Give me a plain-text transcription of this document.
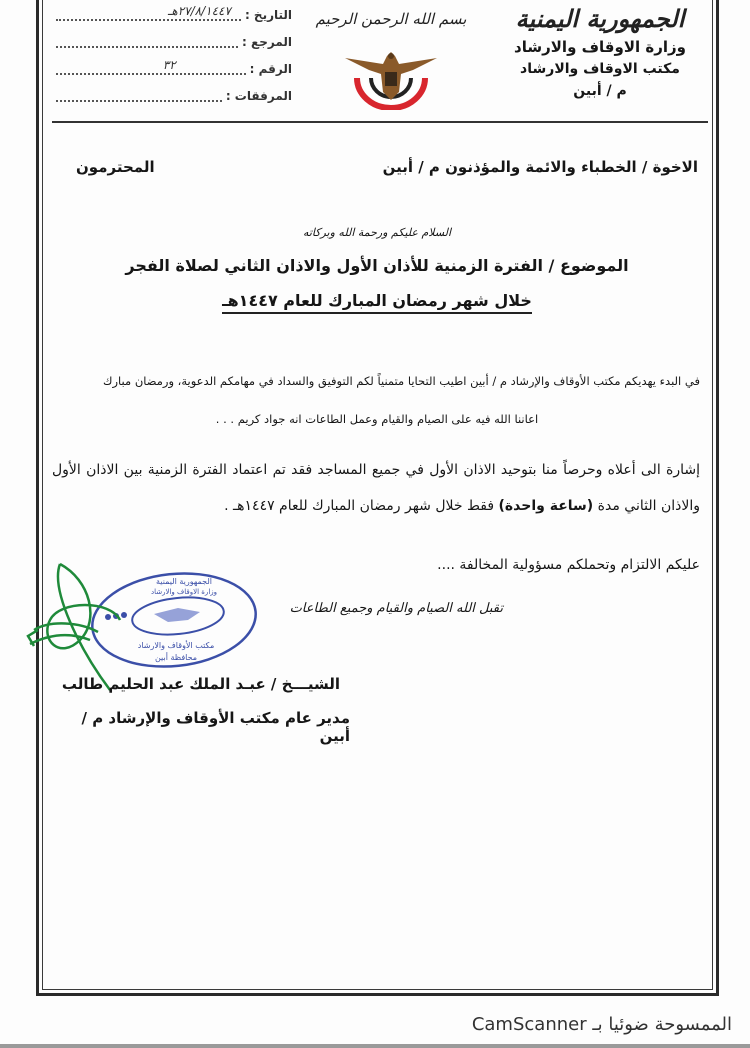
الجمهورية اليمنية
وزارة الاوقاف والارشاد
مكتب الاوقاف والارشاد
م / أبين
بسم الله الرحمن الرحيم
التاريخ :
٢٧/٨/١٤٤٧هـ
المرجع :
الرقم :
٣٢
المرفقات :
الاخوة / الخطباء والائمة والمؤذنون م / أبين
المحترمون
السلام عليكم ورحمة الله وبركاته
الموضوع / الفترة الزمنية للأذان الأول والاذان الثاني لصلاة الفجر
خلال شهر رمضان المبارك للعام ١٤٤٧هـ
في البدء يهديكم مكتب الأوقاف والإرشاد م / أبين اطيب التحايا متمنياً لكم التوفيق والسداد في مهامكم الدعوية، ورمضان مبارك
اعاننا الله فيه على الصيام والقيام وعمل الطاعات انه جواد كريم . . .
إشارة الى أعلاه وحرصاً منا بتوحيد الاذان الأول في جميع المساجد فقد تم اعتماد الفترة الزمنية بين الاذان الأول والاذان الثاني مدة (ساعة واحدة) فقط خلال شهر رمضان المبارك للعام ١٤٤٧هـ .
عليكم الالتزام وتحملكم مسؤولية المخالفة ....
تقبل الله الصيام والقيام وجميع الطاعات
الجمهورية اليمنية
وزارة الاوقاف والارشاد
مكتب الأوقاف والارشاد
محافظة أبين
الشيـــخ / عبـد الملك عبد الحليم طالب
مدير عام مكتب الأوقاف والإرشاد م / أبين
الممسوحة ضوئيا بـ CamScanner
